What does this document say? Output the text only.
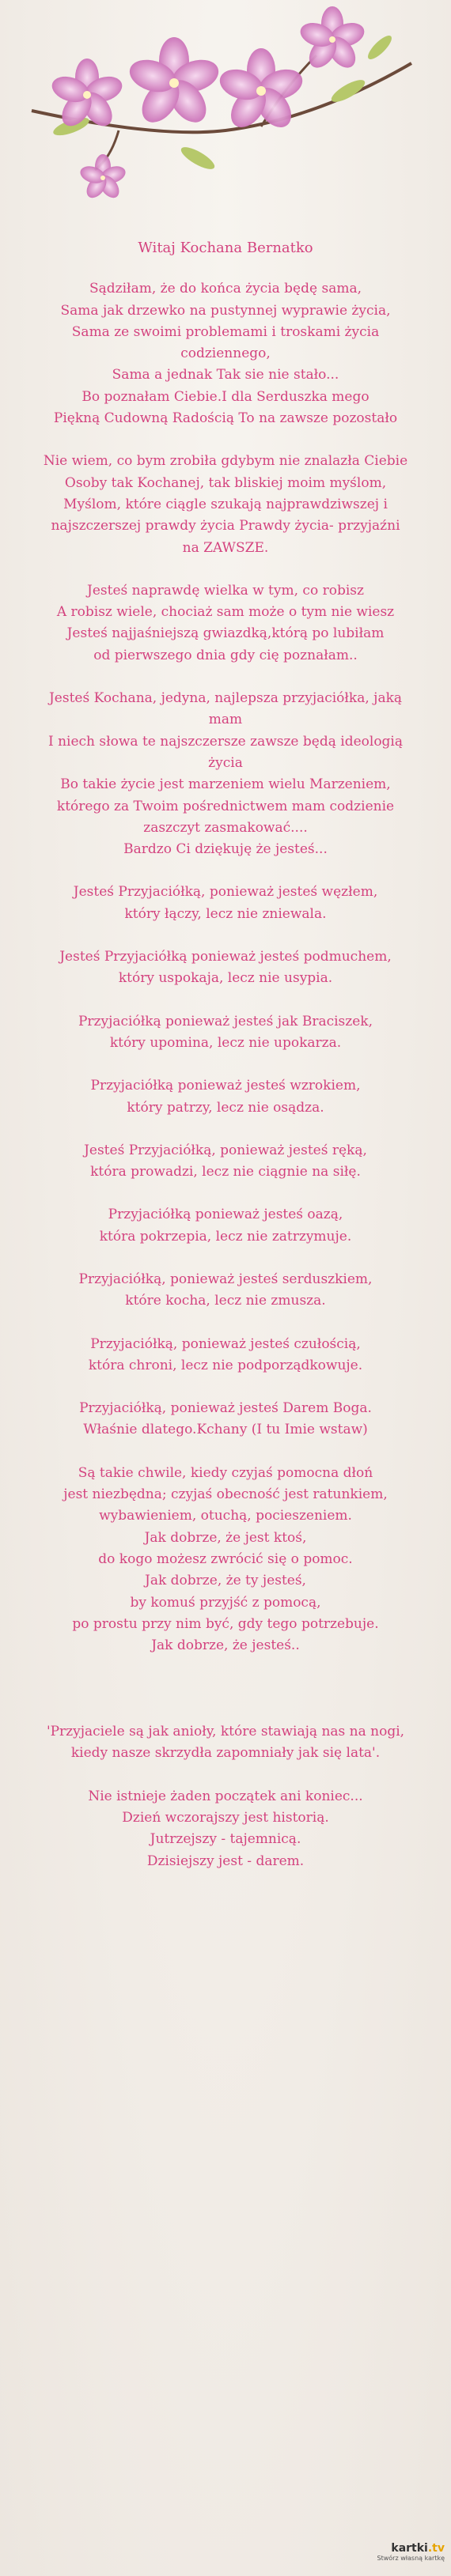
Witaj Kochana Bernatko
Sądziłam, że do końca życia będę sama,
Sama jak drzewko na pustynnej wyprawie życia,
Sama ze swoimi problemami i troskami życia
codziennego,
Sama a jednak Tak sie nie stało...
Bo poznałam Ciebie.I dla Serduszka mego
Piękną Cudowną Radością To na zawsze pozostało
Nie wiem, co bym zrobiła gdybym nie znalazła Ciebie
Osoby tak Kochanej, tak bliskiej moim myślom,
Myślom, które ciągle szukają najprawdziwszej i
najszczerszej prawdy życia Prawdy życia- przyjaźni
na ZAWSZE.
Jesteś naprawdę wielka w tym, co robisz
A robisz wiele, chociaż sam może o tym nie wiesz
Jesteś najjaśniejszą gwiazdką,którą po lubiłam
od pierwszego dnia gdy cię poznałam..
Jesteś Kochana, jedyna, najlepsza przyjaciółka, jaką
mam
I niech słowa te najszczersze zawsze będą ideologią
życia
Bo takie życie jest marzeniem wielu Marzeniem,
którego za Twoim pośrednictwem mam codzienie
zaszczyt zasmakować....
Bardzo Ci dziękuję że jesteś...
Jesteś Przyjaciółką, ponieważ jesteś węzłem,
który łączy, lecz nie zniewala.
Jesteś Przyjaciółką ponieważ jesteś podmuchem,
który uspokaja, lecz nie usypia.
Przyjaciółką ponieważ jesteś jak Braciszek,
który upomina, lecz nie upokarza.
Przyjaciółką ponieważ jesteś wzrokiem,
który patrzy, lecz nie osądza.
Jesteś Przyjaciółką, ponieważ jesteś ręką,
która prowadzi, lecz nie ciągnie na siłę.
Przyjaciółką ponieważ jesteś oazą,
która pokrzepia, lecz nie zatrzymuje.
Przyjaciółką, ponieważ jesteś serduszkiem,
które kocha, lecz nie zmusza.
Przyjaciółką, ponieważ jesteś czułością,
która chroni, lecz nie podporządkowuje.
Przyjaciółką, ponieważ jesteś Darem Boga.
Właśnie dlatego.Kchany (I tu Imie wstaw)
Są takie chwile, kiedy czyjaś pomocna dłoń
jest niezbędna; czyjaś obecność jest ratunkiem,
wybawieniem, otuchą, pocieszeniem.
Jak dobrze, że jest ktoś,
do kogo możesz zwrócić się o pomoc.
Jak dobrze, że ty jesteś,
by komuś przyjść z pomocą,
po prostu przy nim być, gdy tego potrzebuje.
Jak dobrze, że jesteś..

'Przyjaciele są jak anioły, które stawiają nas na nogi,
kiedy nasze skrzydła zapomniały jak się lata'.
Nie istnieje żaden początek ani koniec...
Dzień wczorajszy jest historią.
Jutrzejszy - tajemnicą.
Dzisiejszy jest - darem.
kartki.tv
Stwórz własną kartkę
